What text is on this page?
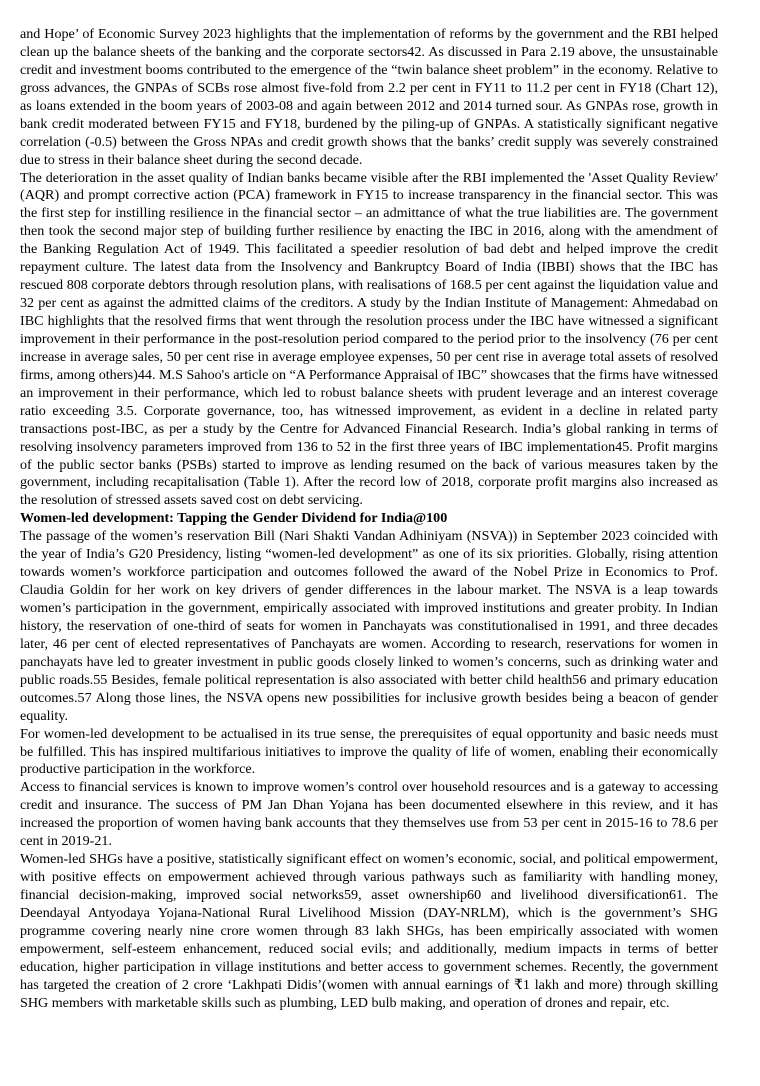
and Hope’ of Economic Survey 2023 highlights that the implementation of reforms by the government and the RBI helped clean up the balance sheets of the banking and the corporate sectors42. As discussed in Para 2.19 above, the unsustainable credit and investment booms contributed to the emergence of the “twin balance sheet problem” in the economy. Relative to gross advances, the GNPAs of SCBs rose almost five-fold from 2.2 per cent in FY11 to 11.2 per cent in FY18 (Chart 12), as loans extended in the boom years of 2003-08 and again between 2012 and 2014 turned sour. As GNPAs rose, growth in bank credit moderated between FY15 and FY18, burdened by the piling-up of GNPAs. A statistically significant negative correlation (-0.5) between the Gross NPAs and credit growth shows that the banks’ credit supply was severely constrained due to stress in their balance sheet during the second decade.

The deterioration in the asset quality of Indian banks became visible after the RBI implemented the 'Asset Quality Review' (AQR) and prompt corrective action (PCA) framework in FY15 to increase transparency in the financial sector. This was the first step for instilling resilience in the financial sector – an admittance of what the true liabilities are. The government then took the second major step of building further resilience by enacting the IBC in 2016, along with the amendment of the Banking Regulation Act of 1949. This facilitated a speedier resolution of bad debt and helped improve the credit repayment culture. The latest data from the Insolvency and Bankruptcy Board of India (IBBI) shows that the IBC has rescued 808 corporate debtors through resolution plans, with realisations of 168.5 per cent against the liquidation value and 32 per cent as against the admitted claims of the creditors. A study by the Indian Institute of Management: Ahmedabad on IBC highlights that the resolved firms that went through the resolution process under the IBC have witnessed a significant improvement in their performance in the post-resolution period compared to the period prior to the insolvency (76 per cent increase in average sales, 50 per cent rise in average employee expenses, 50 per cent rise in average total assets of resolved firms, among others)44. M.S Sahoo's article on “A Performance Appraisal of IBC” showcases that the firms have witnessed an improvement in their performance, which led to robust balance sheets with prudent leverage and an interest coverage ratio exceeding 3.5. Corporate governance, too, has witnessed improvement, as evident in a decline in related party transactions post-IBC, as per a study by the Centre for Advanced Financial Research. India’s global ranking in terms of resolving insolvency parameters improved from 136 to 52 in the first three years of IBC implementation45. Profit margins of the public sector banks (PSBs) started to improve as lending resumed on the back of various measures taken by the government, including recapitalisation (Table 1). After the record low of 2018, corporate profit margins also increased as the resolution of stressed assets saved cost on debt servicing.

Women-led development: Tapping the Gender Dividend for India@100

The passage of the women’s reservation Bill (Nari Shakti Vandan Adhiniyam (NSVA)) in September 2023 coincided with the year of India’s G20 Presidency, listing “women-led development” as one of its six priorities. Globally, rising attention towards women’s workforce participation and outcomes followed the award of the Nobel Prize in Economics to Prof. Claudia Goldin for her work on key drivers of gender differences in the labour market. The NSVA is a leap towards women’s participation in the government, empirically associated with improved institutions and greater probity. In Indian history, the reservation of one-third of seats for women in Panchayats was constitutionalised in 1991, and three decades later, 46 per cent of elected representatives of Panchayats are women. According to research, reservations for women in panchayats have led to greater investment in public goods closely linked to women’s concerns, such as drinking water and public roads.55 Besides, female political representation is also associated with better child health56 and primary education outcomes.57 Along those lines, the NSVA opens new possibilities for inclusive growth besides being a beacon of gender equality.

For women-led development to be actualised in its true sense, the prerequisites of equal opportunity and basic needs must be fulfilled. This has inspired multifarious initiatives to improve the quality of life of women, enabling their economically productive participation in the workforce.

Access to financial services is known to improve women’s control over household resources and is a gateway to accessing credit and insurance. The success of PM Jan Dhan Yojana has been documented elsewhere in this review, and it has increased the proportion of women having bank accounts that they themselves use from 53 per cent in 2015-16 to 78.6 per cent in 2019-21.

Women-led SHGs have a positive, statistically significant effect on women’s economic, social, and political empowerment, with positive effects on empowerment achieved through various pathways such as familiarity with handling money, financial decision-making, improved social networks59, asset ownership60 and livelihood diversification61. The Deendayal Antyodaya Yojana-National Rural Livelihood Mission (DAY-NRLM), which is the government’s SHG programme covering nearly nine crore women through 83 lakh SHGs, has been empirically associated with women empowerment, self-esteem enhancement, reduced social evils; and additionally, medium impacts in terms of better education, higher participation in village institutions and better access to government schemes. Recently, the government has targeted the creation of 2 crore ‘Lakhpati Didis’(women with annual earnings of ₹1 lakh and more) through skilling SHG members with marketable skills such as plumbing, LED bulb making, and operation of drones and repair, etc.
